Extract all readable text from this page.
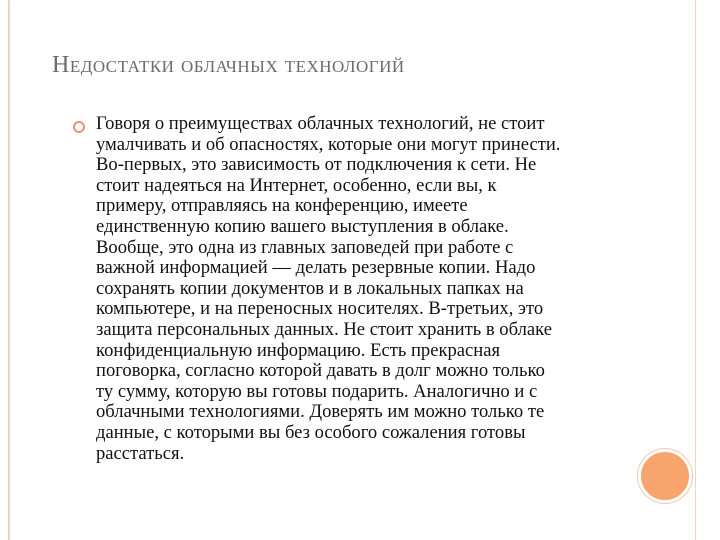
Недостатки облачных технологий

Говоря о преимуществах облачных технологий, не стоит
умалчивать и об опасностях, которые они могут принести.
Во-первых, это зависимость от подключения к сети. Не
стоит надеяться на Интернет, особенно, если вы, к
примеру, отправляясь на конференцию, имеете
единственную копию вашего выступления в облаке.
Вообще, это одна из главных заповедей при работе с
важной информацией — делать резервные копии. Надо
сохранять копии документов и в локальных папках на
компьютере, и на переносных носителях. В-третьих, это
защита персональных данных. Не стоит хранить в облаке
конфиденциальную информацию. Есть прекрасная
поговорка, согласно которой давать в долг можно только
ту сумму, которую вы готовы подарить. Аналогично и с
облачными технологиями. Доверять им можно только те
данные, с которыми вы без особого сожаления готовы
расстаться.
